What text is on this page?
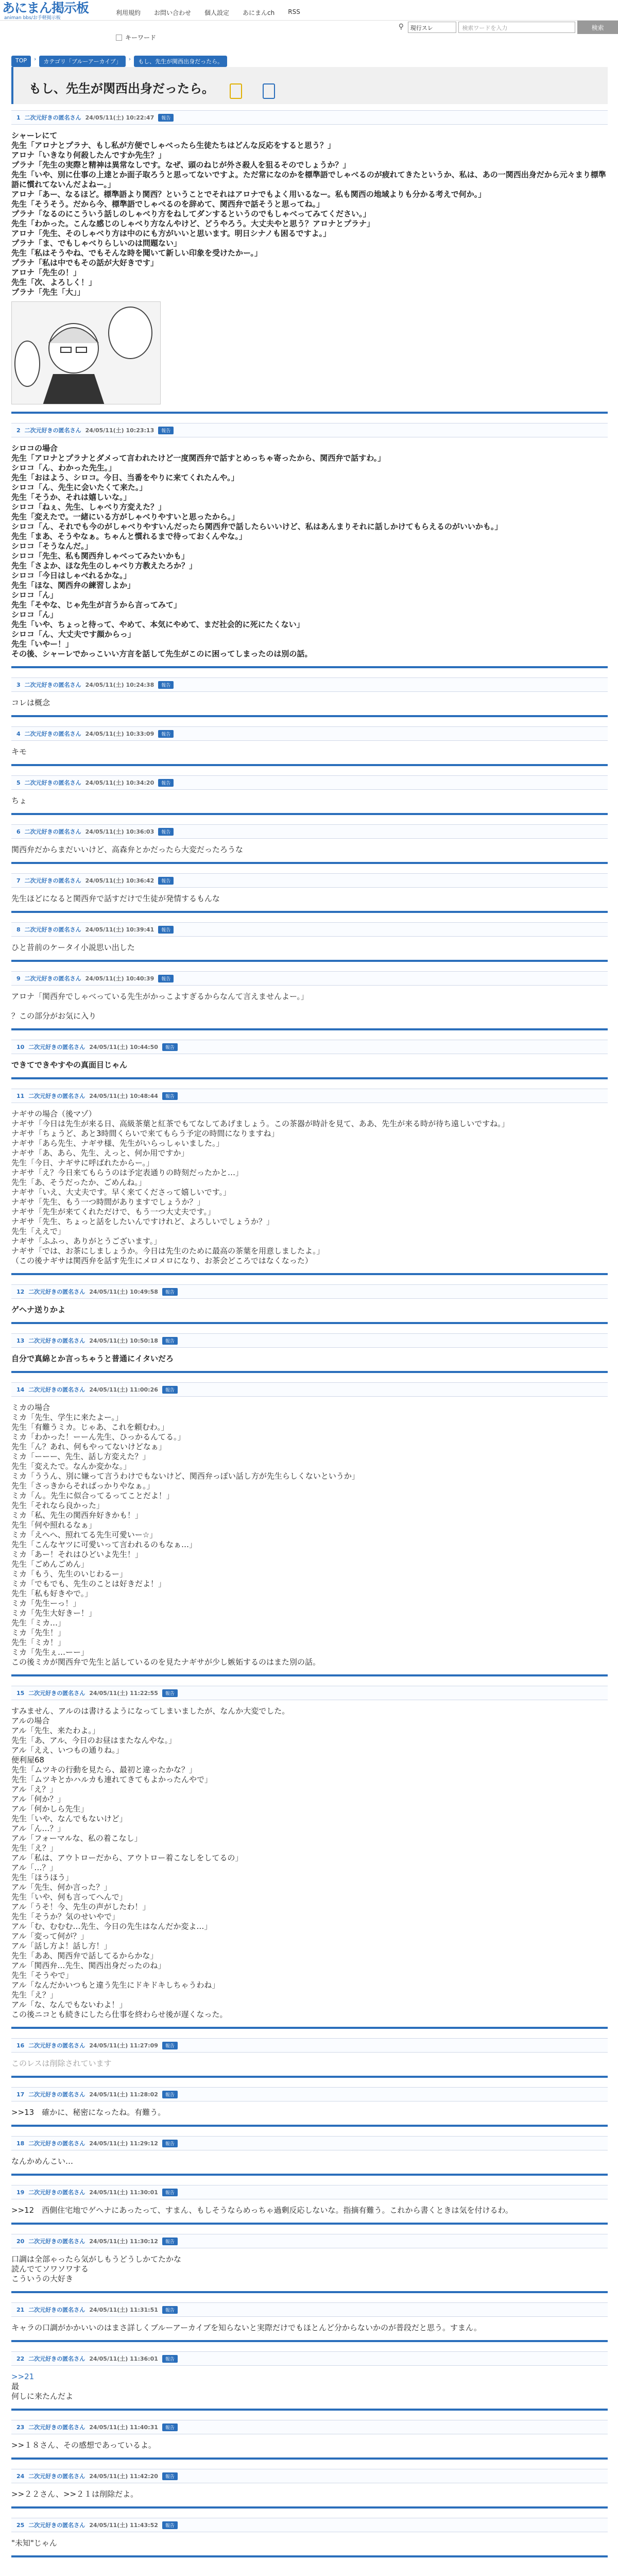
あにまん掲示板
animan bbs/お手軽掲示板
利用規約 お問い合わせ 個人設定 あにまんch RSS
キーワード
⚲	現行スレ	検索ワードを入力	検索
TOP	›	カテゴリ「ブルーアーカイブ」	›	もし、先生が関西出身だったら。
もし、先生が関西出身だったら。
1 二次元好きの匿名さん 24/05/11(土) 10:22:47	報告
シャーレにて
先生「アロナとプラナ、もし私が方便でしゃべったら生徒たちはどんな反応をすると思う？」
アロナ「いきなり何殺したんですか先生？」
プラナ「先生の実際と精神は異常なしです。なぜ、頭のねじが外さ殺人を狙るそのでしょうか？」
先生「いや、別に仕事の上達とか面子取ろうと思ってないですよ。ただ常になのかを標準語でしゃべるのが疲れてきたというか、私は、あの一関西出身だから元々まり標準語に慣れてないんだよねー。」
アロナ「あー、なるほど。標準語より関西？ということでそれはアロナでもよく用いるなー。私も関西の地域よりも分かる考えで何か。」
先生「そうそう。だから今、標準語でしゃべるのを辞めて、関西弁で話そうと思ってね。」
プラナ「なるのにこういう話しのしゃべり方をねしてダンするというのでもしゃべってみてください。」
先生「わかった。こんな感じのしゃべり方なんやけど、どうやろう。大丈夫やと思う？アロナとプラナ」
アロナ「先生、そのしゃべり方は中のにも方がいいと思います。明日シナノも困るですよ。」
プラナ「ま、でもしゃべりらしいのは問題ない」
先生「私はそうやね、でもそんな時を聞いて新しい印象を受けたかー。」
プラナ「私は中でもその話が大好きです」
アロナ「先生の！」
先生「次、よろしく！」
プラナ「先生「大」」
2 二次元好きの匿名さん 24/05/11(土) 10:23:13	報告
シロコの場合
先生「アロナとプラナとダメって言われたけど一度関西弁で話すとめっちゃ寄ったから、関西弁で話すわ。」
シロコ「ん、わかった先生。」
先生「おはよう、シロコ。今日、当番をやりに来てくれたんや。」
シロコ「ん、先生に会いたくて来た。」
先生「そうか、それは嬉しいな。」
シロコ「ねぇ、先生、しゃべり方変えた？」
先生「変えたで。一緒にいる方がしゃべりやすいと思ったから。」
シロコ「ん、それでも今のがしゃべりやすいんだったら関西弁で話したらいいけど、私はあんまりそれに話しかけてもらえるのがいいかも。」
先生「まあ、そうやなぁ。ちゃんと慣れるまで待っておくんやな。」
シロコ「そうなんだ。」
シロコ「先生、私も関西弁しゃべってみたいかも」
先生「さよか、ほな先生のしゃべり方教えたろか？」
シロコ「今日はしゃべれるかな。」
先生「ほな、関西弁の練習しよか」
シロコ「ん」
先生「そやな、じゃ先生が言うから言ってみて」
シロコ「ん」
先生「いや、ちょっと待って、やめて、本気にやめて、まだ社会的に死にたくない」
シロコ「ん、大丈夫です顔からっ」
先生「いやー！」
その後、シャーレでかっこいい方言を話して先生がこのに困ってしまったのは別の話。
3 二次元好きの匿名さん 24/05/11(土) 10:24:38	報告
コレは概念
4 二次元好きの匿名さん 24/05/11(土) 10:33:09	報告
キモ
5 二次元好きの匿名さん 24/05/11(土) 10:34:20	報告
ちょ
6 二次元好きの匿名さん 24/05/11(土) 10:36:03	報告
関西弁だからまだいいけど、高森弁とかだったら大変だったろうな
7 二次元好きの匿名さん 24/05/11(土) 10:36:42	報告
先生ほどになると関西弁で話すだけで生徒が発情するもんな
8 二次元好きの匿名さん 24/05/11(土) 10:39:41	報告
ひと昔前のケータイ小説思い出した
9 二次元好きの匿名さん 24/05/11(土) 10:40:39	報告
アロナ「関西弁でしゃべっている先生がかっこよすぎるからなんて言えませんよー。」

？この部分がお気に入り
10 二次元好きの匿名さん 24/05/11(土) 10:44:50	報告
できてできやすやの真面目じゃん
11 二次元好きの匿名さん 24/05/11(土) 10:48:44	報告
ナギサの場合（後マゾ）
ナギサ「今日は先生が来る日、高級茶葉と紅茶でもてなしてあげましょう。この茶器が時計を見て、ああ、先生が来る時が待ち遠しいですね。」
ナギサ「ちょうど、あと3時間くらいで来てもらう予定の時間になりますね」
ナギサ「あら先生、ナギサ様、先生がいらっしゃいました。」
ナギサ「あ、あら、先生、えっと、何か用ですか」
先生「今日、ナギサに呼ばれたからー。」
ナギサ「え？今日来てもらうのは予定表通りの時刻だったかと…」
先生「あ、そうだったか、ごめんね。」
ナギサ「いえ、大丈夫です。早く来てくださって嬉しいです。」
ナギサ「先生、もう一つ時間がありますでしょうか？」
ナギサ「先生が来てくれただけで、もう一つ大丈夫です。」
ナギサ「先生、ちょっと話をしたいんですけれど、よろしいでしょうか？」
先生「ええで」
ナギサ「ふふっ、ありがとうございます。」
ナギサ「では、お茶にしましょうか。今日は先生のために最高の茶葉を用意しましたよ。」
（この後ナギサは関西弁を話す先生にメロメロになり、お茶会どころではなくなった）
12 二次元好きの匿名さん 24/05/11(土) 10:49:58	報告
ゲヘナ送りかよ
13 二次元好きの匿名さん 24/05/11(土) 10:50:18	報告
自分で真綿とか言っちゃうと普通にイタいだろ
14 二次元好きの匿名さん 24/05/11(土) 11:00:26	報告
ミカの場合
ミカ「先生、学生に来たよー。」
先生「有難うミカ。じゃあ、これを頼むわ。」
ミカ「わかった！ーーん先生、ひっかるんてる。」
先生「ん？あれ、何もやってないけどなぁ」
ミカ「ーーー、先生、話し方変えた？」
先生「変えたで。なんか変かな。」
ミカ「ううん、別に嫌って言うわけでもないけど、関西弁っぽい話し方が先生らしくないというか」
先生「さっきからそればっかりやなぁ。」
ミカ「ん。先生に似合ってるってことだよ！」
先生「それなら良かった」
ミカ「私、先生の関西弁好きかも！」
先生「何や照れるなぁ」
ミカ「えへへ、照れてる先生可愛いー☆」
先生「こんなヤツに可愛いって言われるのもなぁ…」
ミカ「あー！それはひどいよ先生！」
先生「ごめんごめん」
ミカ「もう、先生のいじわるー」
ミカ「でもでも、先生のことは好きだよ！」
先生「私も好きやで。」
ミカ「先生ーっ！」
ミカ「先生大好きー！」
先生「ミカ…」
ミカ「先生！」
先生「ミカ！」
ミカ「先生ぇ…ーー」
この後ミカが関西弁で先生と話しているのを見たナギサが少し嫉妬するのはまた別の話。
15 二次元好きの匿名さん 24/05/11(土) 11:22:55	報告
すみません、アルのは書けるようになってしまいましたが、なんか大変でした。
アルの場合
アル「先生、来たわよ。」
先生「あ、アル、今日のお昼はまたなんやな。」
アル「ええ、いつもの通りね。」
便利屋68
先生「ムツキの行動を見たら、最初と違ったかな？」
先生「ムツキとかハルカも連れてきてもよかったんやで」
アル「え？」
アル「何か？」
アル「何かしら先生」
先生「いや、なんでもないけど」
アル「ん…？」
アル「フォーマルな、私の着こなし」
先生「え？」
アル「私は、アウトローだから、アウトロー着こなしをしてるの」
アル「…？」
先生「ほうほう」
アル「先生、何か言った？」
先生「いや、何も言ってへんで」
アル「うそ！今、先生の声がしたわ！」
先生「そうか？気のせいやで」
アル「む、むむむ…先生、今日の先生はなんだか変よ…」
アル「変って何が？」
アル「話し方よ！話し方！」
先生「ああ、関西弁で話してるからかな」
アル「関西弁…先生、関西出身だったのね」
先生「そうやで」
アル「なんだかいつもと違う先生にドキドキしちゃうわね」
先生「え？」
アル「な、なんでもないわよ！」
この後ニコとも続きにしたら仕事を終わらせ後が遅くなった。
16 二次元好きの匿名さん 24/05/11(土) 11:27:09	報告
このレスは削除されています
17 二次元好きの匿名さん 24/05/11(土) 11:28:02	報告
>>13　確かに、秘密になったね。有難う。
18 二次元好きの匿名さん 24/05/11(土) 11:29:12	報告
なんかめんこい…
19 二次元好きの匿名さん 24/05/11(土) 11:30:01	報告
>>12　西側住宅地でゲヘナにあったって、すまん、もしそうならめっちゃ過剰反応しないな。指摘有難う。これから書くときは気を付けるわ。
20 二次元好きの匿名さん 24/05/11(土) 11:30:12	報告
口調は全部ゃったら気がしもうどうしかてたかな
読んでてソワソワする
こういうの大好き
21 二次元好きの匿名さん 24/05/11(土) 11:31:51	報告
キャラの口調がかかいいのはまさ詳しくブルーアーカイブを知らないと実際だけでもほとんど分からないかのが普段だと思う。すまん。
22 二次元好きの匿名さん 24/05/11(土) 11:36:01	報告
>>21
最
何しに来たんだよ
23 二次元好きの匿名さん 24/05/11(土) 11:40:31	報告
>>１８さん、その感想であっているよ。
24 二次元好きの匿名さん 24/05/11(土) 11:42:20	報告
>>２２さん、>>２１は削除だよ。
25 二次元好きの匿名さん 24/05/11(土) 11:43:52	報告
"未知"じゃん
